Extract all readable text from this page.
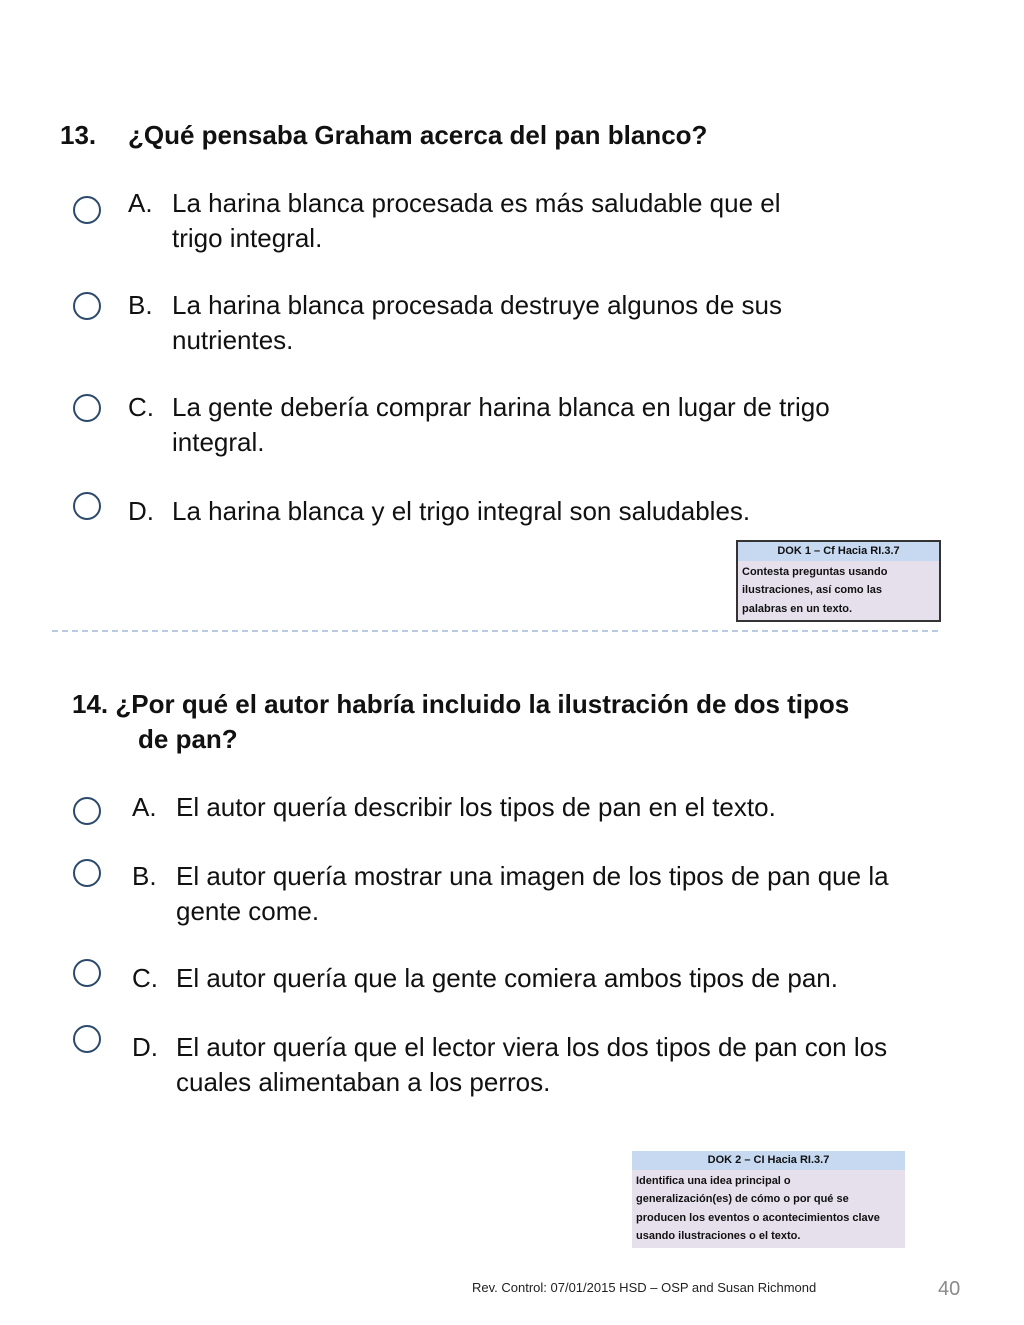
13. ¿Qué pensaba Graham acerca del pan blanco?
A. La harina blanca procesada es más saludable que el
trigo integral.
B. La harina blanca procesada destruye algunos de sus
nutrientes.
C. La gente debería comprar harina blanca en lugar de trigo
integral.
D. La harina blanca y el trigo integral son saludables.
DOK 1 – Cf Hacia RI.3.7
Contesta preguntas usando
ilustraciones, así como las
palabras en un texto.
14. ¿Por qué el autor habría incluido la ilustración de dos tipos
de pan?
A. El autor quería describir los tipos de pan en el texto.
B. El autor quería mostrar una imagen de los tipos de pan que la
gente come.
C. El autor quería que la gente comiera ambos tipos de pan.
D. El autor quería que el lector viera los dos tipos de pan con los
cuales alimentaban a los perros.
DOK 2 – CI Hacia RI.3.7
Identifica una idea principal o
generalización(es) de cómo o por qué se
producen los eventos o acontecimientos clave
usando ilustraciones o el texto.
Rev. Control: 07/01/2015 HSD – OSP and Susan Richmond	40
